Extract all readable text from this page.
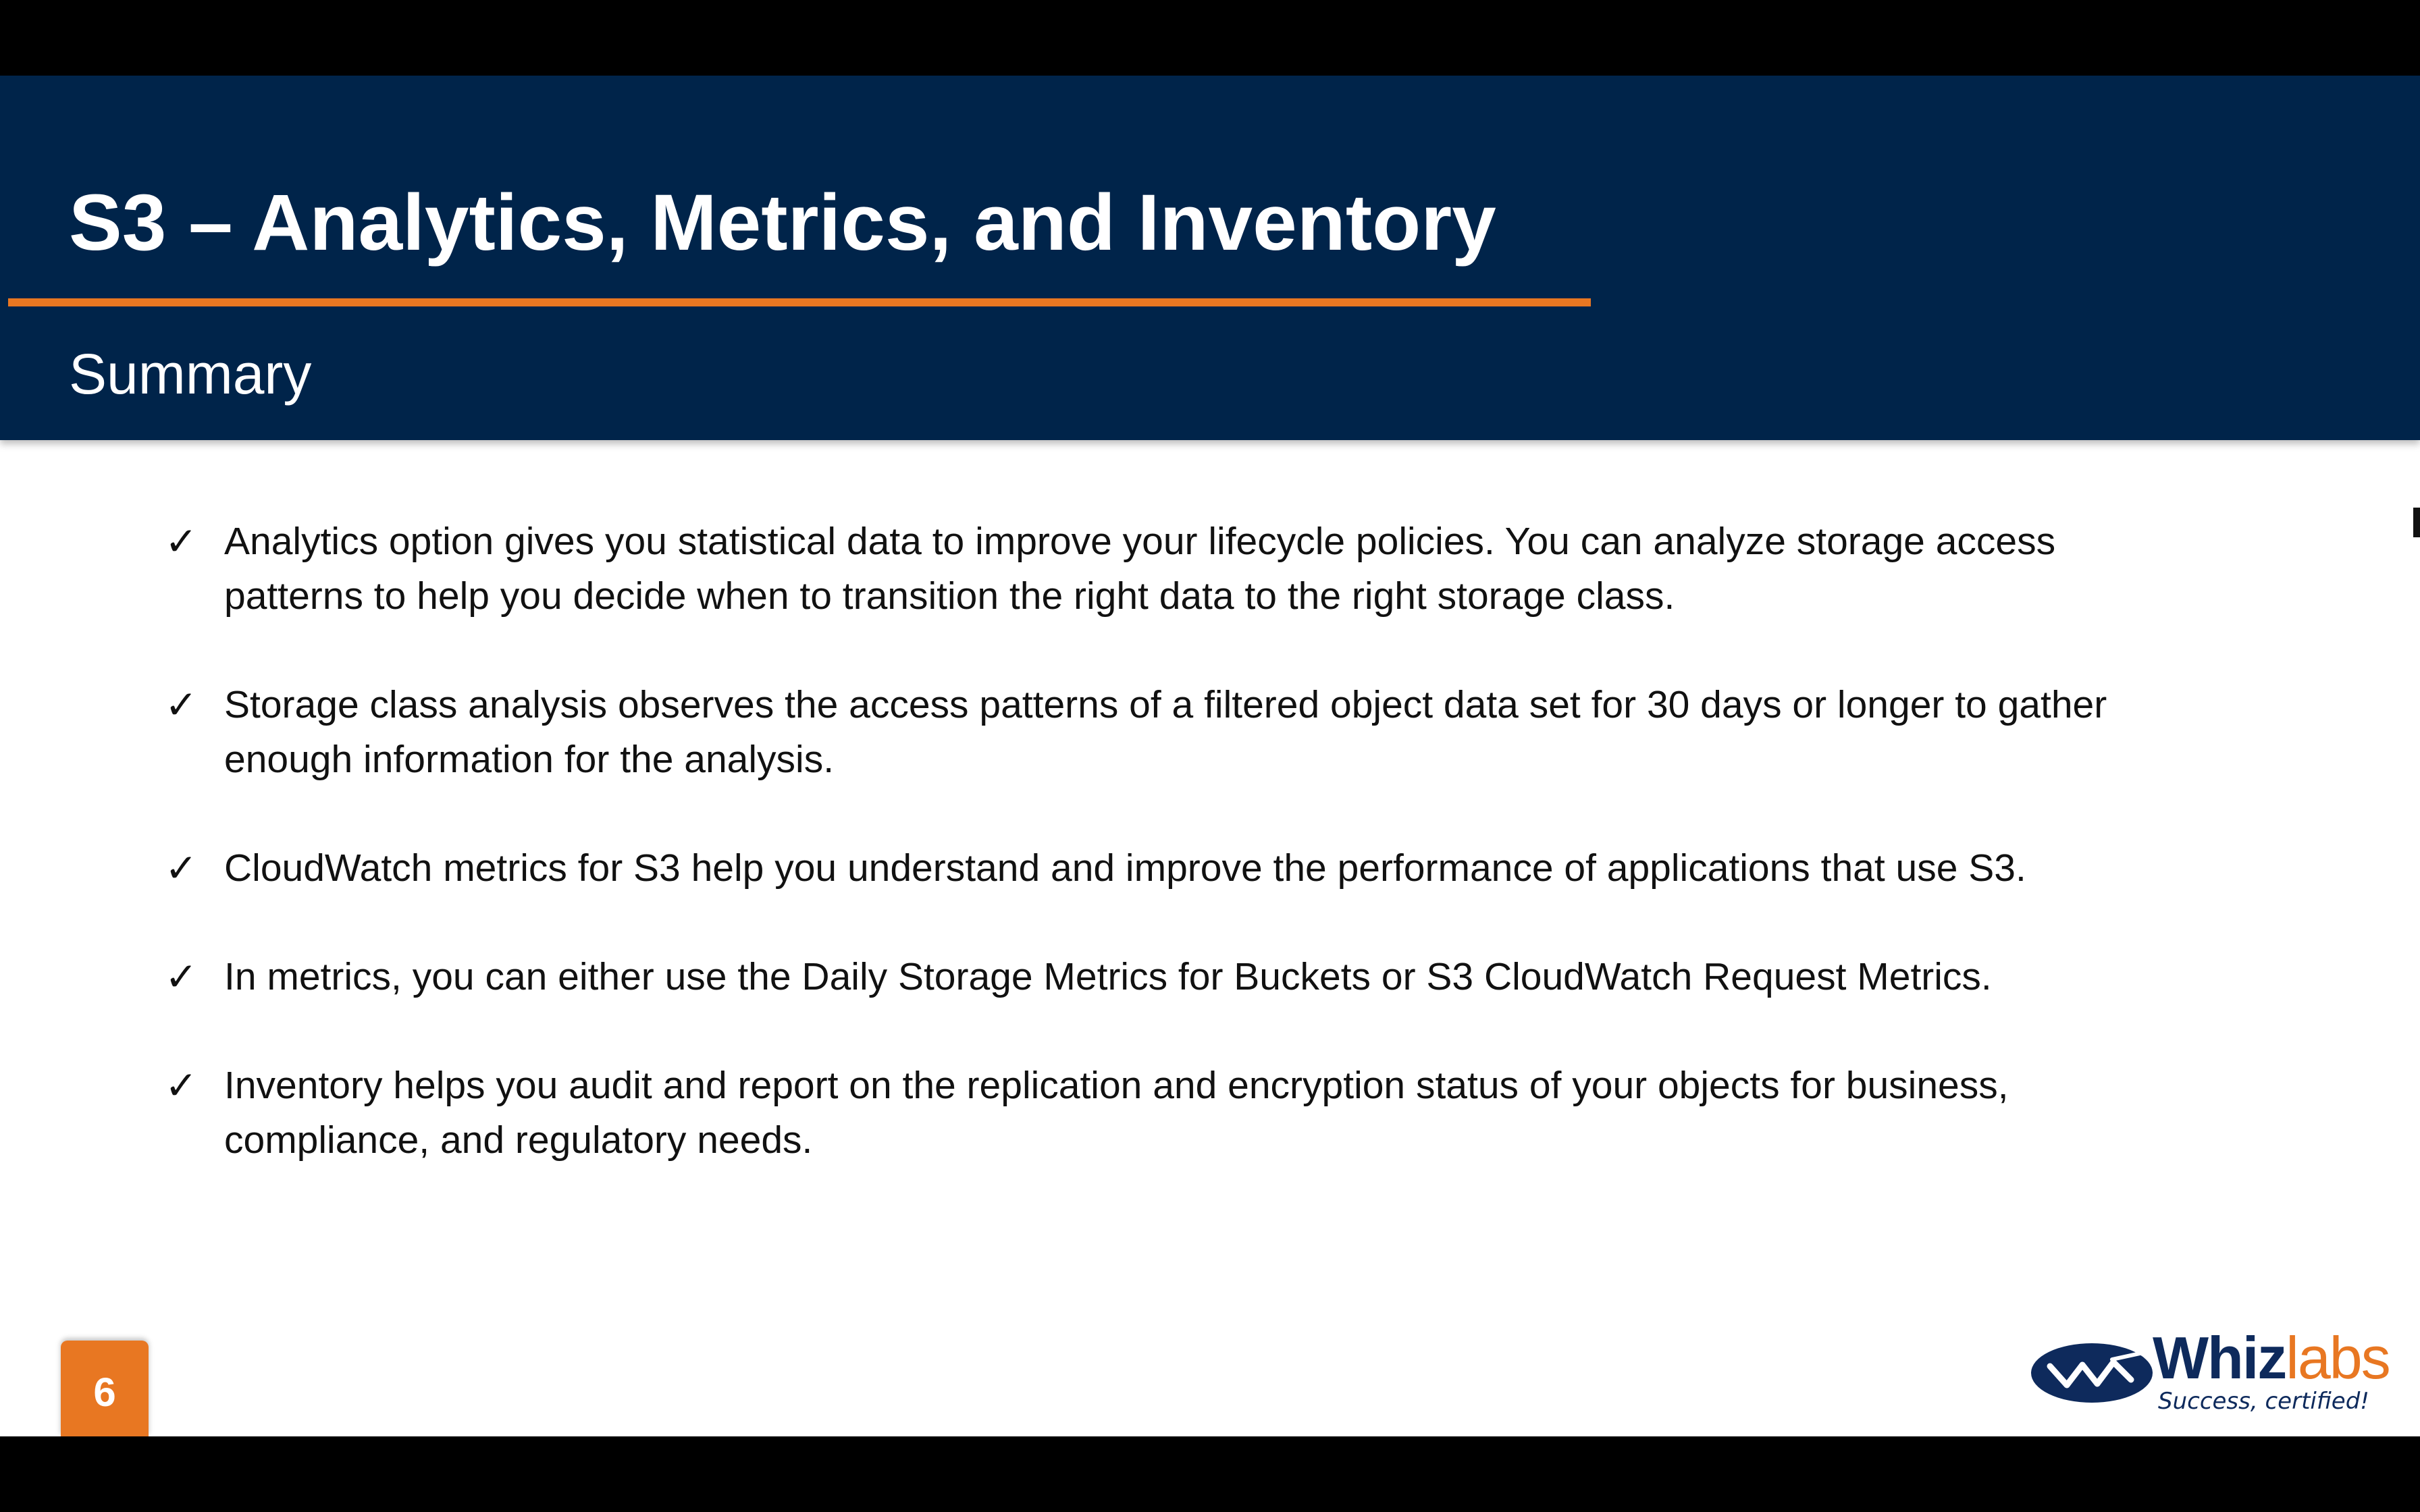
S3 – Analytics, Metrics, and Inventory
Summary
✓ Analytics option gives you statistical data to improve your lifecycle policies. You can analyze storage access patterns to help you decide when to transition the right data to the right storage class.
✓ Storage class analysis observes the access patterns of a filtered object data set for 30 days or longer to gather enough information for the analysis.
✓ CloudWatch metrics for S3 help you understand and improve the performance of applications that use S3.
✓ In metrics, you can either use the Daily Storage Metrics for Buckets or S3 CloudWatch Request Metrics.
✓ Inventory helps you audit and report on the replication and encryption status of your objects for business, compliance, and regulatory needs.
6
Whizlabs
Success, certified!
